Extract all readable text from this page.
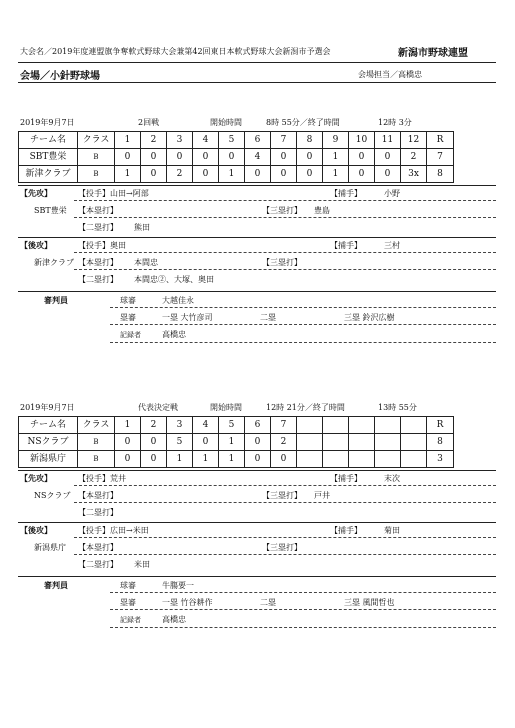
大会名／2019年度連盟旗争奪軟式野球大会兼第42回東日本軟式野球大会新潟市予選会	新潟市野球連盟
会場／小針野球場	会場担当／高橋忠
2019年9月7日	2回戦	開始時間	8時 55分／終了時間	12時 3分
チーム名	クラス	1	2	3	4	5	6	7	8	9	10	11	12	R
SBT豊栄	B	0	0	0	0	0	4	0	0	1	0	0	2	7
新津クラブ	B	1	0	2	0	1	0	0	0	1	0	0	3x	8
【先攻】	【投手】山田→阿部	【捕手】	小野
SBT豊栄 【本塁打】	【三塁打】 豊島
【二塁打】 熊田
【後攻】	【投手】奥田	【捕手】	三村
新津クラブ 【本塁打】 本間忠	【三塁打】
【二塁打】 本間忠②、大塚、奥田
審判員	球審	大越佳永
塁審	一塁 大竹彦司	二塁	三塁 鈴沢広樹
記録者	高橋忠
2019年9月7日	代表決定戦	開始時間	12時 21分／終了時間	13時 55分
チーム名	クラス	1	2	3	4	5	6	7						R
NSクラブ	B	0	0	5	0	1	0	2						8
新潟県庁	B	0	0	1	1	1	0	0						3
【先攻】	【投手】荒井	【捕手】	末次
NSクラブ 【本塁打】	【三塁打】 戸井
【二塁打】
【後攻】	【投手】広田→米田	【捕手】	菊田
新潟県庁 【本塁打】	【三塁打】
【二塁打】 米田
審判員	球審	牛膓要一
塁審	一塁 竹谷耕作	二塁	三塁 風間哲也
記録者	高橋忠
